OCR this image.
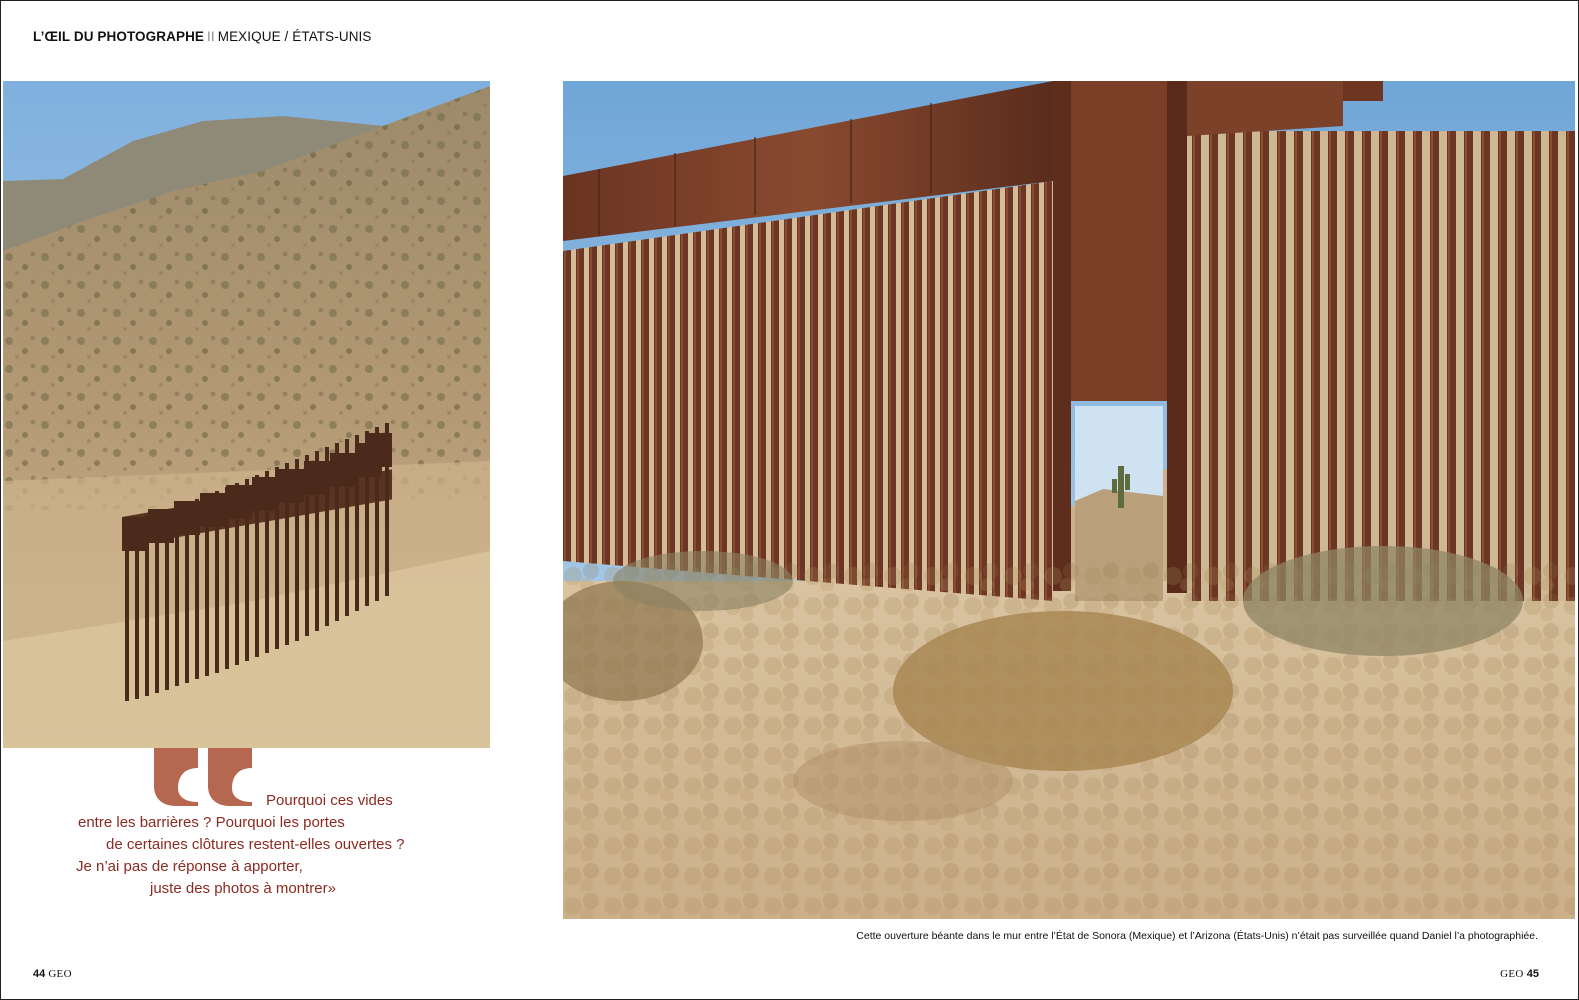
L’ŒIL DU PHOTOGRAPHE II MEXIQUE / ÉTATS-UNIS
Pourquoi ces vides
entre les barrières ? Pourquoi les portes
de certaines clôtures restent-elles ouvertes ?
Je n’ai pas de réponse à apporter,
juste des photos à montrer»
Cette ouverture béante dans le mur entre l’État de Sonora (Mexique) et l’Arizona (États-Unis) n’était pas surveillée quand Daniel l’a photographiée.
44 GEO	GEO 45
